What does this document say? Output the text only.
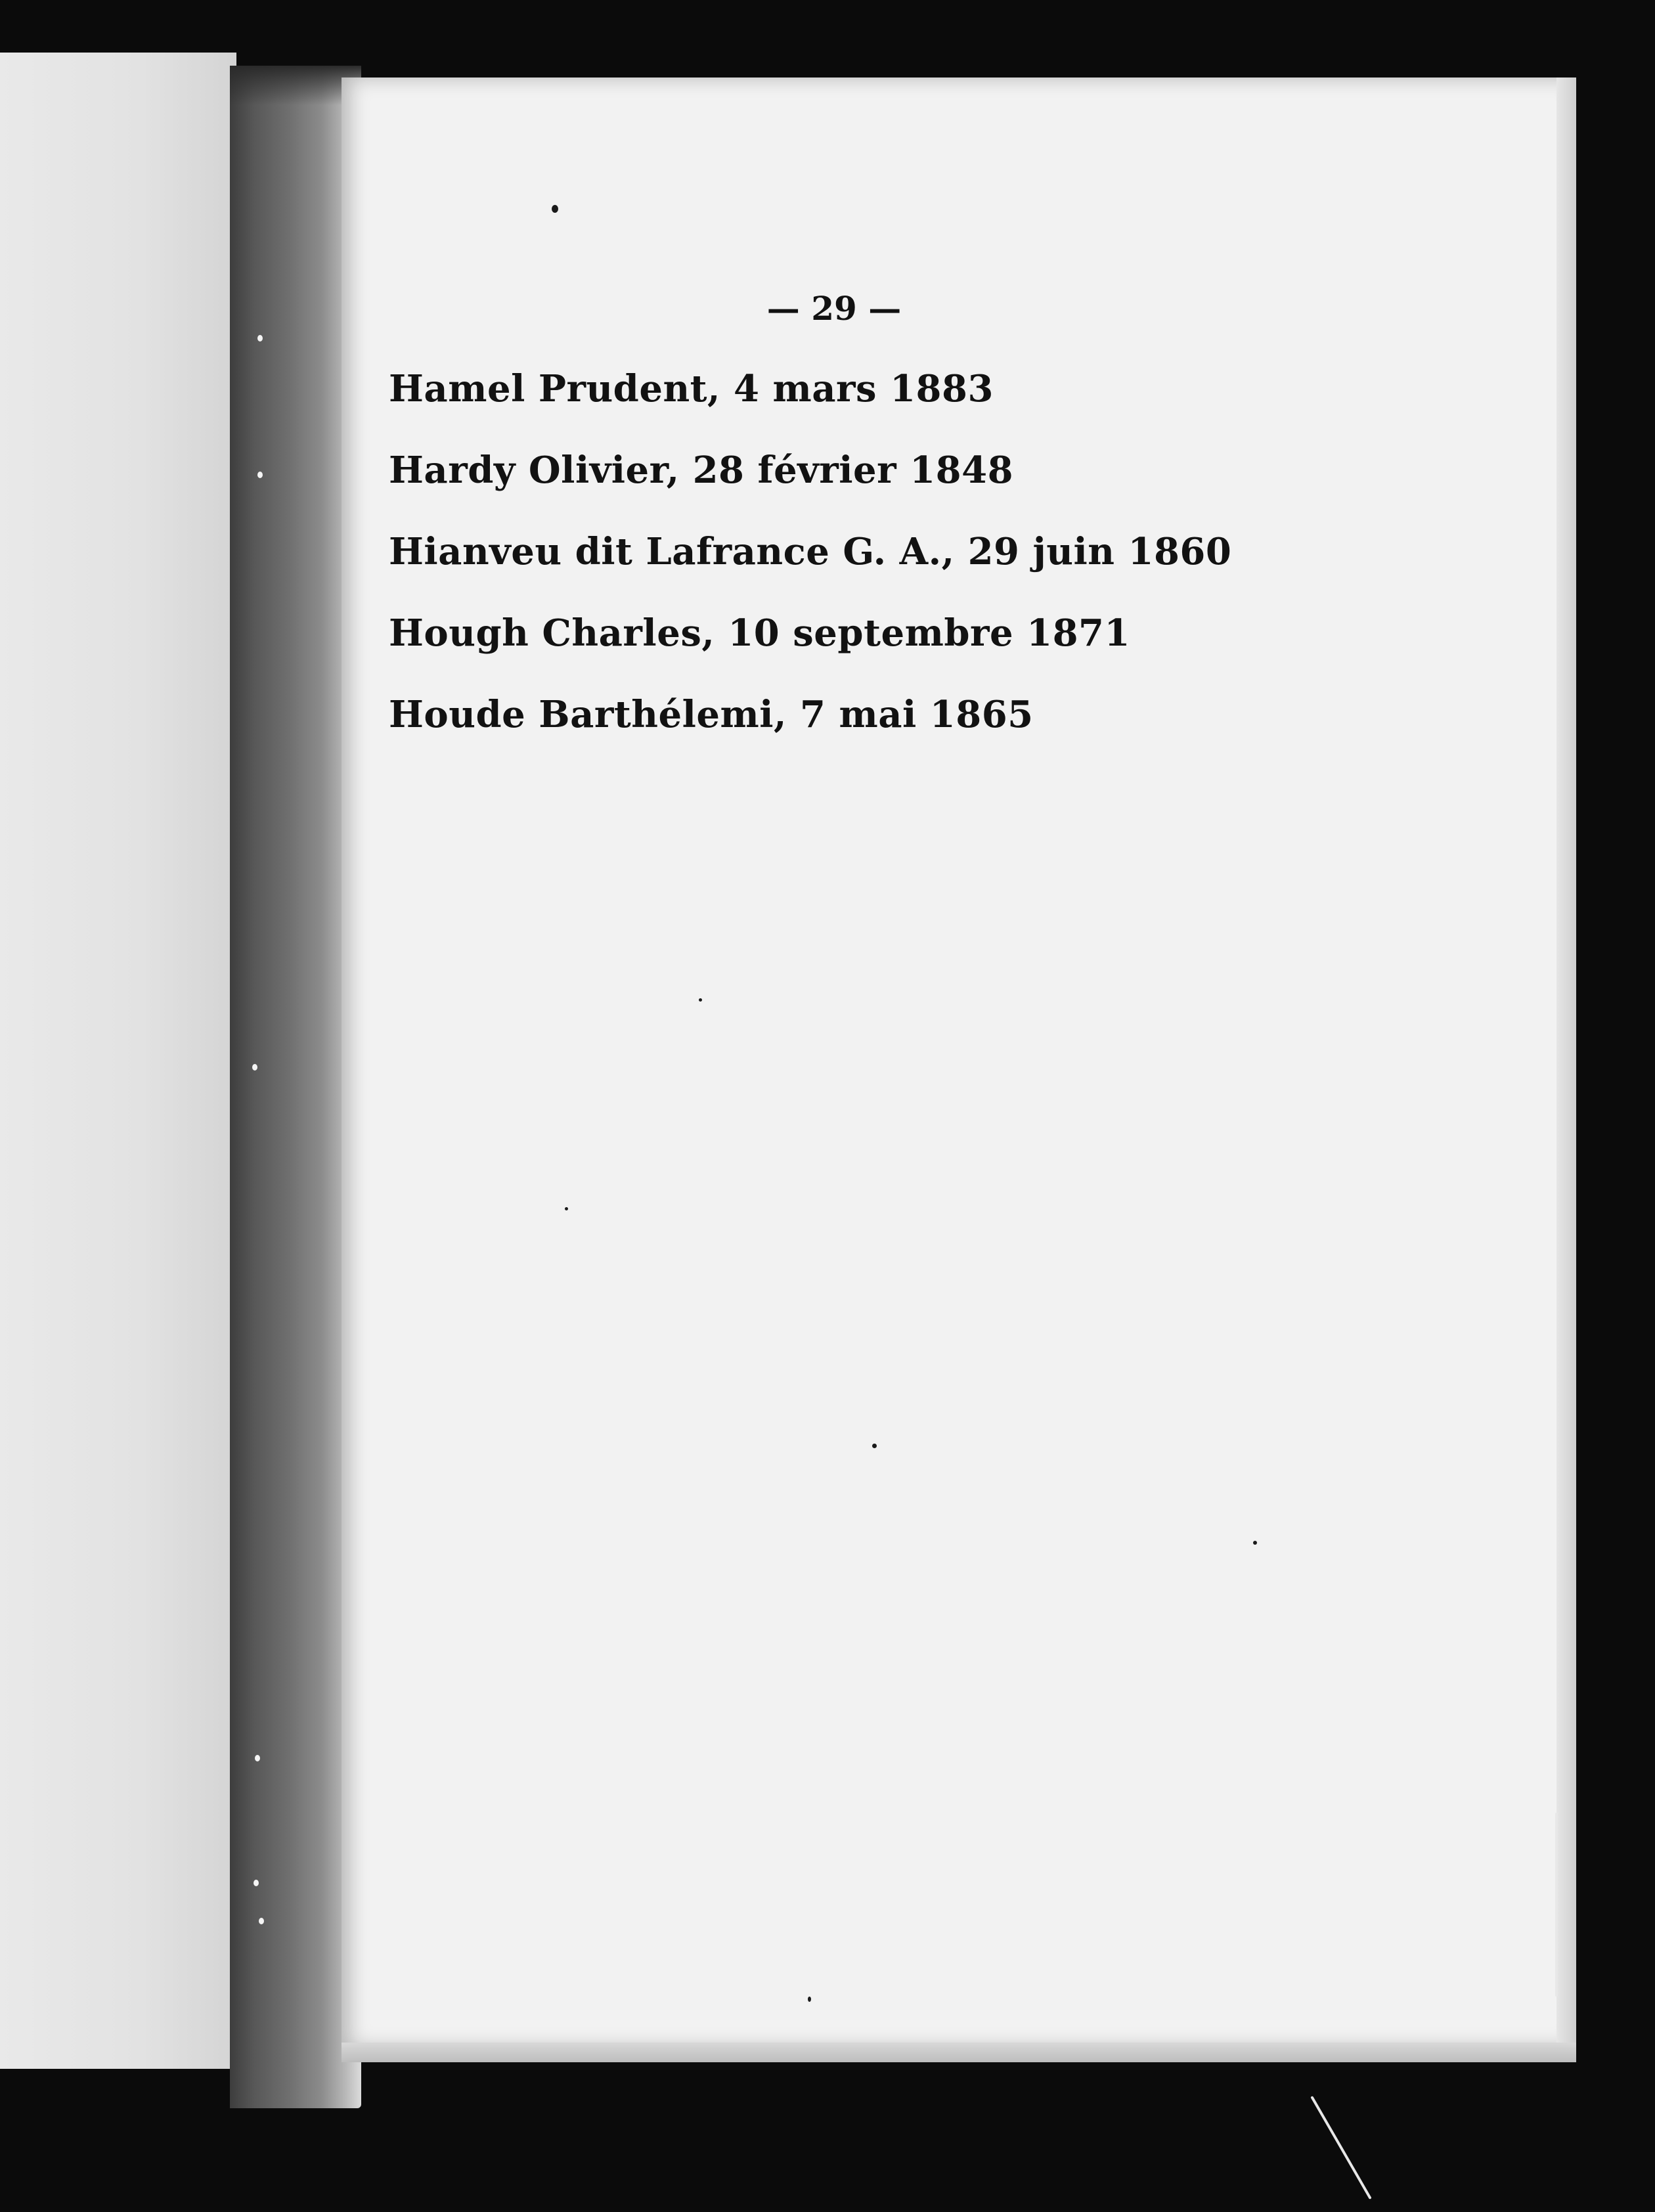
— 29 —
Hamel Prudent, 4 mars 1883
Hardy Olivier, 28 février 1848
Hianveu dit Lafrance G. A., 29 juin 1860
Hough Charles, 10 septembre 1871
Houde Barthélemi, 7 mai 1865
